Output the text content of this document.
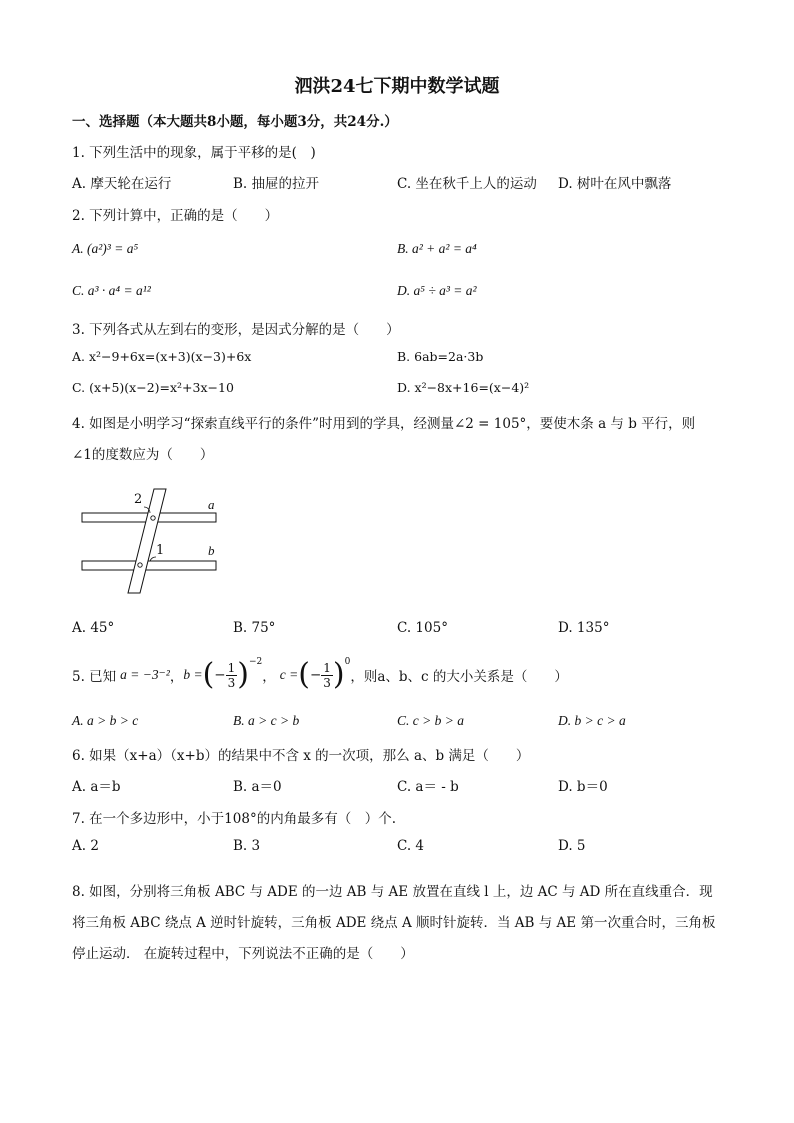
泗洪24七下期中数学试题
一、选择题（本大题共8小题，每小题3分，共24分.）
1. 下列生活中的现象，属于平移的是(　)
A. 摩天轮在运行	B. 抽屉的拉开	C. 坐在秋千上人的运动 D. 树叶在风中飘落
2. 下列计算中，正确的是（　　）
A. (a²)³ = a⁵	B. a² + a² = a⁴
C. a³ · a⁴ = a¹²	D. a⁵ ÷ a³ = a²
3. 下列各式从左到右的变形，是因式分解的是（　　）
A. x²−9+6x=(x+3)(x−3)+6x	B. 6ab=2a·3b
C. (x+5)(x−2)=x²+3x−10	D. x²−8x+16=(x−4)²
4. 如图是小明学习“探索直线平行的条件”时用到的学具，经测量∠2 = 105°，要使木条 a 与 b 平行，则
∠1的度数应为（　　）
2	a
1	b
A. 45°	B. 75°	C. 105°	D. 135°
5. 已知 a = −3⁻² ， b = ( − $\frac{1}{3} )^{-2}$
， c = ( − $\frac{1}{3} )^0$
，则a、b、c 的大小关系是（　　）
A. a > b > c	B. a > c > b	C. c > b > a	D. b > c > a
6. 如果（x+a）（x+b）的结果中不含 x 的一次项，那么 a、b 满足（　　）
A. a＝b	B. a＝0	C. a＝ - b	D. b＝0
7. 在一个多边形中，小于108°的内角最多有（　）个.
A. 2	B. 3	C. 4	D. 5
8. 如图，分别将三角板 ABC 与 ADE 的一边 AB 与 AE 放置在直线 l 上，边 AC 与 AD 所在直线重合．现
将三角板 ABC 绕点 A 逆时针旋转，三角板 ADE 绕点 A 顺时针旋转．当 AB 与 AE 第一次重合时，三角板
停止运动． 在旋转过程中，下列说法不正确的是（　　）
